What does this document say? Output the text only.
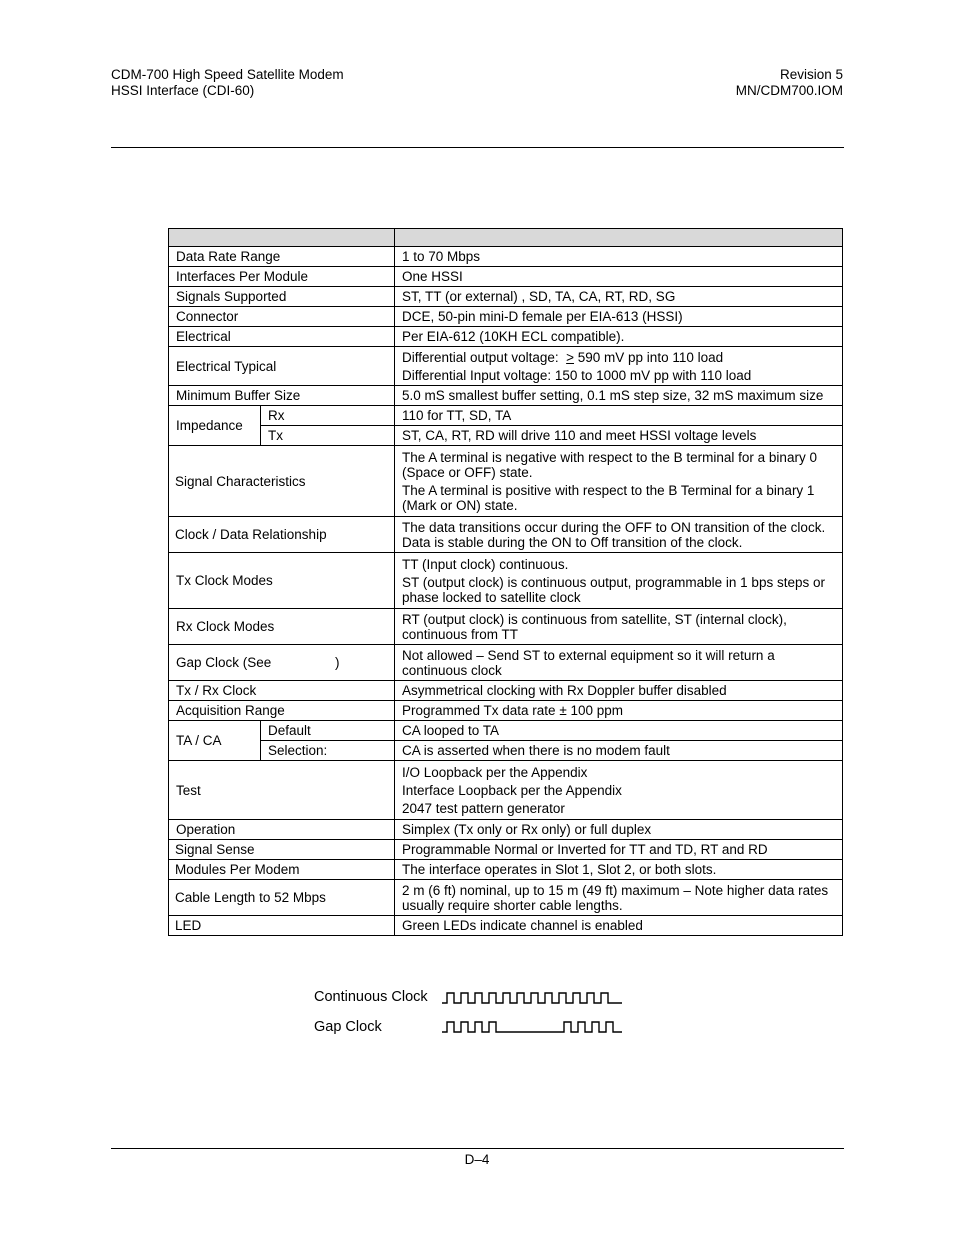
CDM-700 High Speed Satellite Modem
HSSI Interface (CDI-60)
Revision 5
MN/CDM700.IOM

Data Rate Range		1 to 70 Mbps
Interfaces Per Module		One HSSI
Signals Supported		ST, TT (or external) , SD, TA, CA, RT, RD, SG
Connector		DCE, 50-pin mini-D female per EIA-613 (HSSI)
Electrical		Per EIA-612 (10KH ECL compatible).
Electrical Typical		Differential output voltage: > 590 mV pp into 110 load

Differential Input voltage: 150 to 1000 mV pp with 110 load

Minimum Buffer Size		5.0 mS smallest buffer setting, 0.1 mS step size, 32 mS maximum size
Impedance	Rx	110 for TT, SD, TA
	Tx	ST, CA, RT, RD will drive 110 and meet HSSI voltage levels
Signal Characteristics		The A terminal is negative with respect to the B terminal for a binary 0 (Space or OFF) state.

The A terminal is positive with respect to the B Terminal for a binary 1 (Mark or ON) state.

Clock / Data Relationship		The data transitions occur during the OFF to ON transition of the clock. Data is stable during the ON to Off transition of the clock.
Tx Clock Modes		TT (Input clock) continuous.

ST (output clock) is continuous output, programmable in 1 bps steps or phase locked to satellite clock

Rx Clock Modes		RT (output clock) is continuous from satellite, ST (internal clock), continuous from TT
Gap Clock (See                 )		Not allowed – Send ST to external equipment so it will return a continuous clock
Tx / Rx Clock		Asymmetrical clocking with Rx Doppler buffer disabled
Acquisition Range		Programmed Tx data rate ± 100 ppm
TA / CA	Default	CA looped to TA
	Selection:	CA is asserted when there is no modem fault
Test		I/O Loopback per the Appendix

Interface Loopback per the Appendix

2047 test pattern generator

Operation		Simplex (Tx only or Rx only) or full duplex
Signal Sense		Programmable Normal or Inverted for TT and TD, RT and RD
Modules Per Modem		The interface operates in Slot 1, Slot 2, or both slots.
Cable Length to 52 Mbps		2 m (6 ft) nominal, up to 15 m (49 ft) maximum – Note higher data rates usually require shorter cable lengths.
LED		Green LEDs indicate channel is enabled
Continuous Clock
Gap Clock
D–4
